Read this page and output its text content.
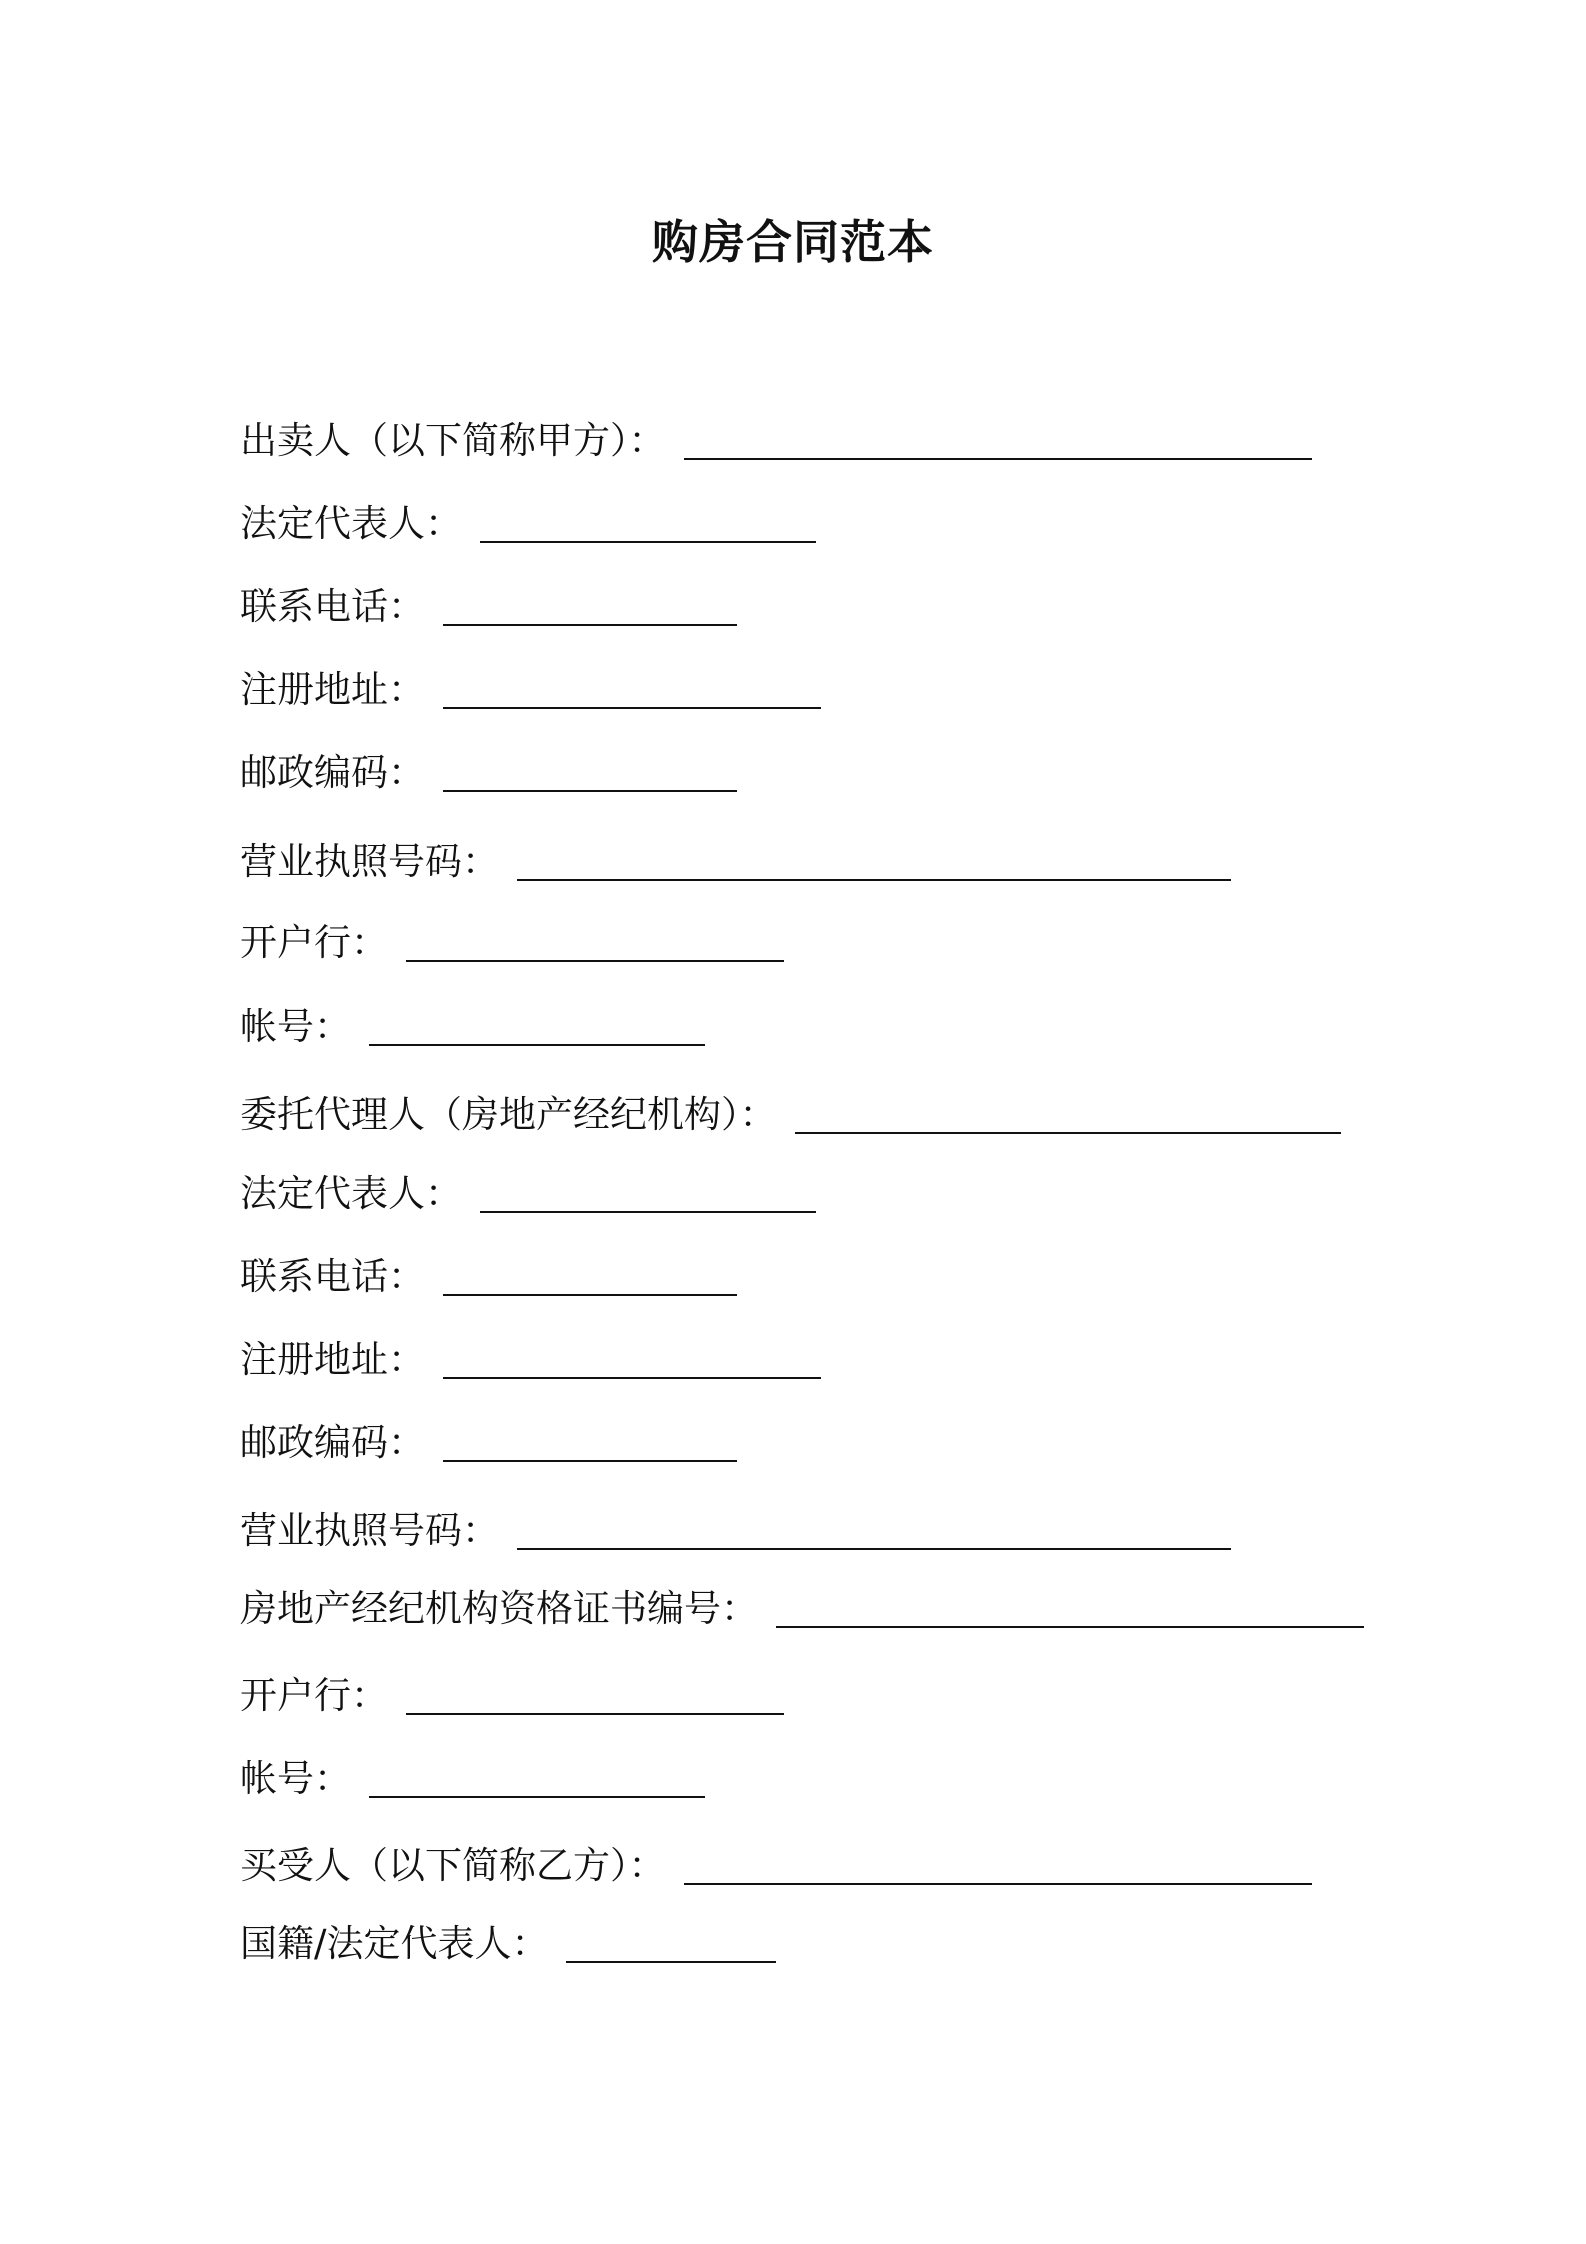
购房合同范本
出卖人（以下简称甲方）：
法定代表人：
联系电话：
注册地址：
邮政编码：
营业执照号码：
开户行：
帐号：
委托代理人（房地产经纪机构）：
法定代表人：
联系电话：
注册地址：
邮政编码：
营业执照号码：
房地产经纪机构资格证书编号：
开户行：
帐号：
买受人（以下简称乙方）：
国籍/法定代表人：
